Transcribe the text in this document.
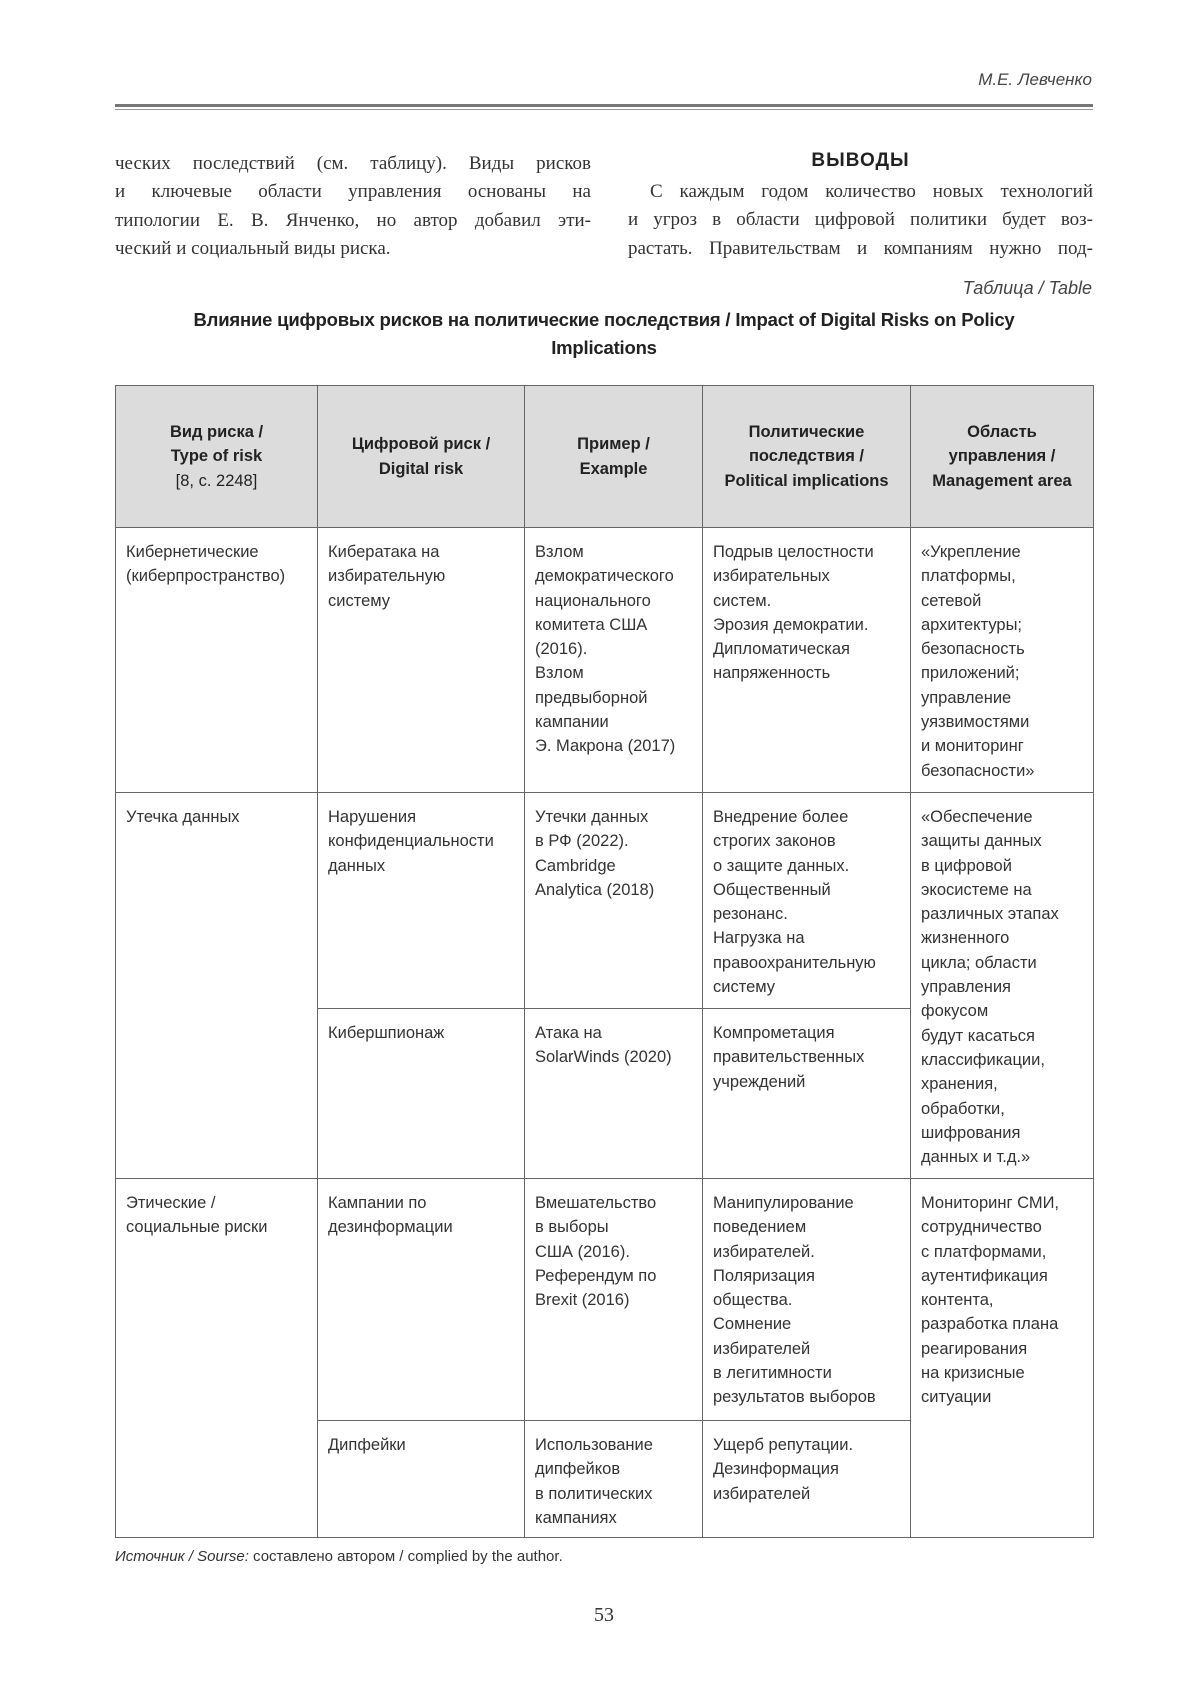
М.Е. Левченко
ческих последствий (см. таблицу). Виды рисков
и ключевые области управления основаны на
типологии Е. В. Янченко, но автор добавил эти-
ческий и социальный виды риска.
ВЫВОДЫ
С каждым годом количество новых технологий
и угроз в области цифровой политики будет воз-
растать. Правительствам и компаниям нужно под-
Таблица / Table
Влияние цифровых рисков на политические последствия / Impact of Digital Risks on Policy
Implications
Вид риска /
Type of risk
[8, с. 2248]	Цифровой риск /
Digital risk	Пример /
Example	Политические
последствия /
Political implications	Область
управления /
Management area
Кибернетические
(киберпространство)	Кибератака на
избирательную
систему	Взлом
демократического
национального
комитета США
(2016).
Взлом
предвыборной
кампании
Э. Макрона (2017)	Подрыв целостности
избирательных
систем.
Эрозия демократии.
Дипломатическая
напряженность	«Укрепление
платформы,
сетевой
архитектуры;
безопасность
приложений;
управление
уязвимостями
и мониторинг
безопасности»
Утечка данных	Нарушения
конфиденциальности
данных	Утечки данных
в РФ (2022).
Cambridge
Analytica (2018)	Внедрение более
строгих законов
о защите данных.
Общественный
резонанс.
Нагрузка на
правоохранительную
систему	«Обеспечение
защиты данных
в цифровой
экосистеме на
различных этапах
жизненного
цикла; области
управления
фокусом
будут касаться
классификации,
хранения,
обработки,
шифрования
данных и т.д.»
Кибершпионаж	Атака на
SolarWinds (2020)	Компрометация
правительственных
учреждений
Этические /
социальные риски	Кампании по
дезинформации	Вмешательство
в выборы
США (2016).
Референдум по
Brexit (2016)	Манипулирование
поведением
избирателей.
Поляризация
общества.
Сомнение
избирателей
в легитимности
результатов выборов	Мониторинг СМИ,
сотрудничество
с платформами,
аутентификация
контента,
разработка плана
реагирования
на кризисные
ситуации
Дипфейки	Использование
дипфейков
в политических
кампаниях	Ущерб репутации.
Дезинформация
избирателей
Источник / Sourse: составлено автором / complied by the author.
53
